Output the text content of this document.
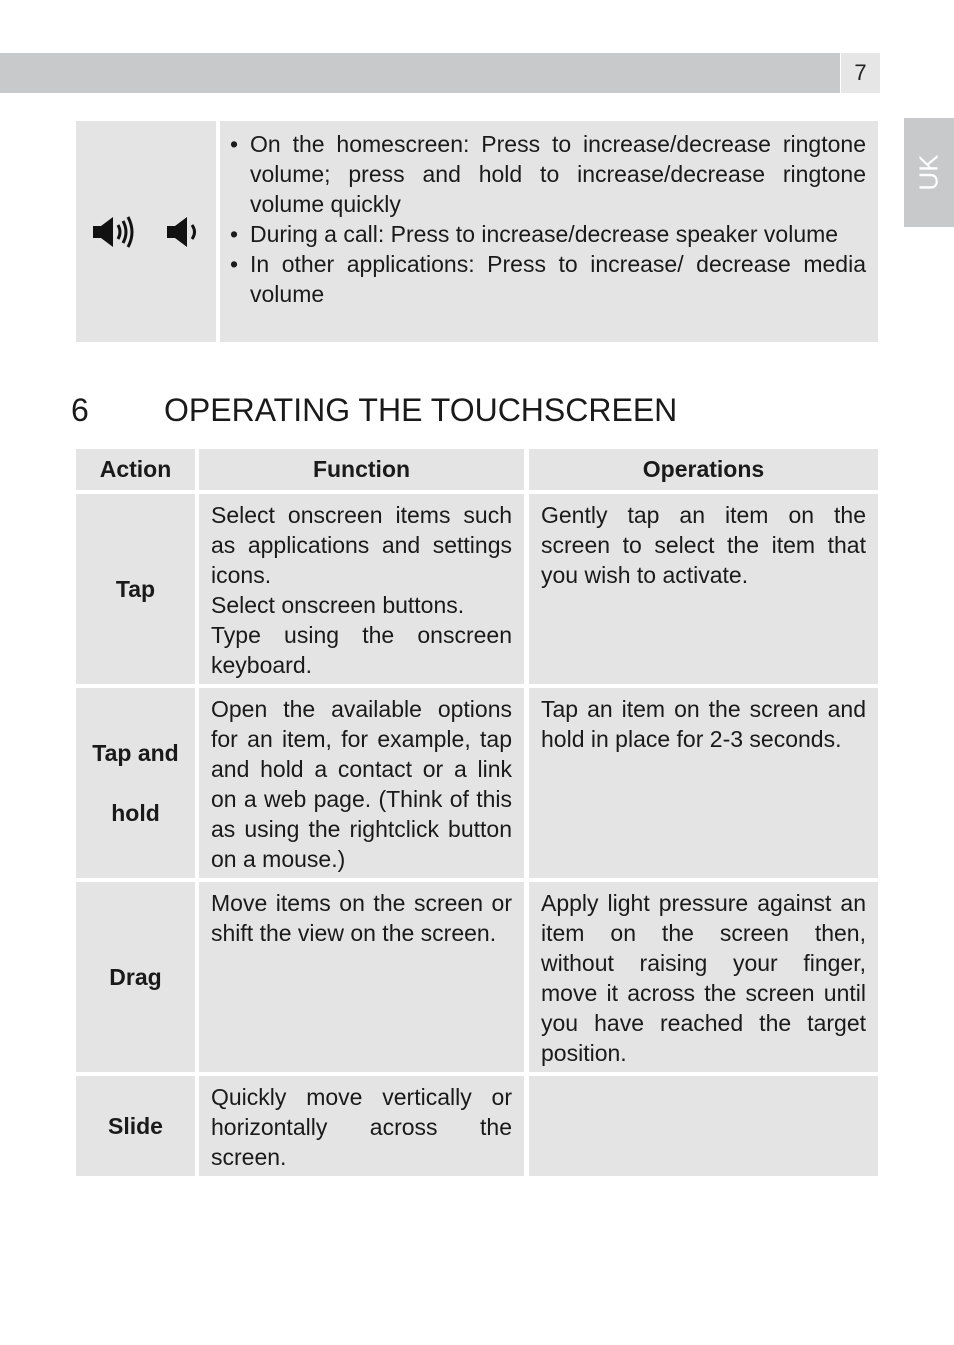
7
UK
• On the homescreen: Press to increase/decrease ringtone volume; press and hold to increase/decrease ringtone volume quickly
• During a call: Press to increase/decrease speaker volume
• In other applications: Press to increase/ decrease media volume
6 OPERATING THE TOUCHSCREEN
Action	Function	Operations
Tap
Select onscreen items such as applications and settings icons.
Select onscreen buttons.
Type using the onscreen keyboard.
Gently tap an item on the screen to select the item that you wish to activate.
Tap and
hold
Open the available options for an item, for example, tap and hold a contact or a link on a web page. (Think of this as using the rightclick button on a mouse.)
Tap an item on the screen and hold in place for 2-3 seconds.
Drag
Move items on the screen or shift the view on the screen.
Apply light pressure against an item on the screen then, without raising your finger, move it across the screen until you have reached the target position.
Slide
Quickly move vertically or horizontally across the screen.
